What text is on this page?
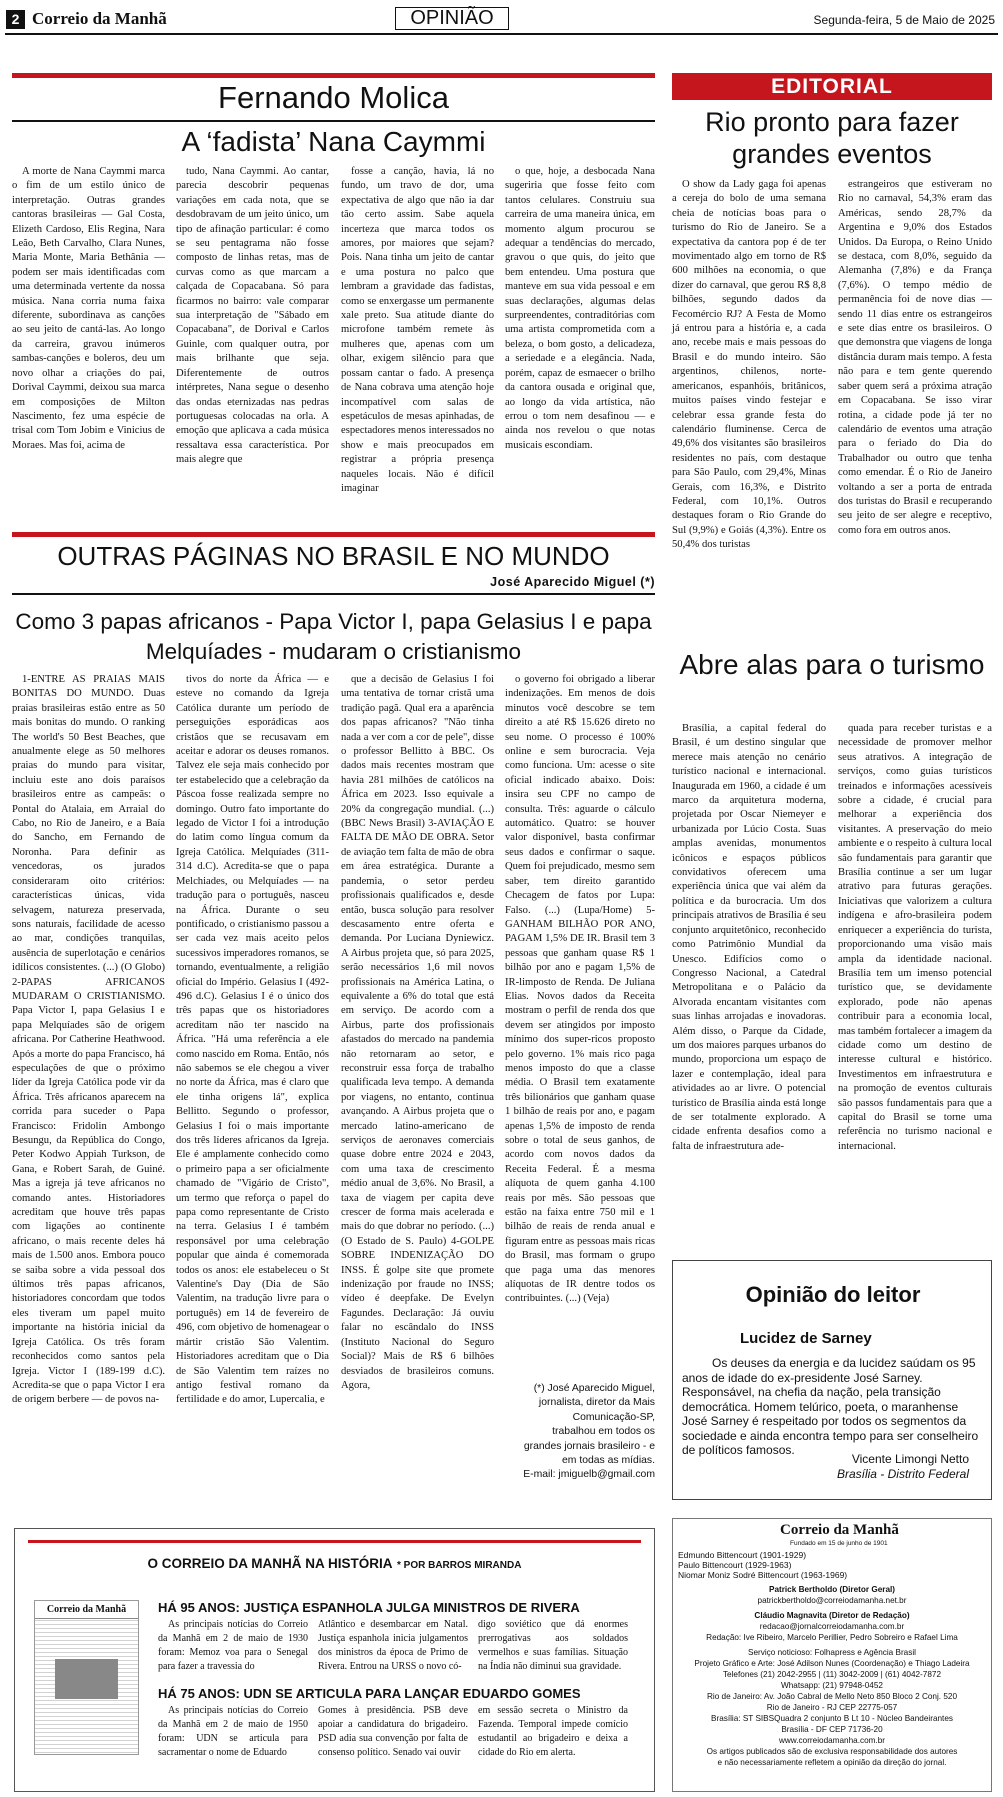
2 Correio da Manhã	OPINIÃO	Segunda-feira, 5 de Maio de 2025
Fernando Molica
A ‘fadista’ Nana Caymmi
A morte de Nana Caymmi marca o fim de um estilo único de interpretação. Outras grandes cantoras brasileiras — Gal Costa, Elizeth Cardoso, Elis Regina, Nara Leão, Beth Carvalho, Clara Nunes, Maria Monte, Maria Bethânia — podem ser mais identificadas com uma determinada vertente da nossa música. Nana corria numa faixa diferente, subordinava as canções ao seu jeito de cantá-las. Ao longo da carreira, gravou inúmeros sambas-canções e boleros, deu um novo olhar a criações do pai, Dorival Caymmi, deixou sua marca em composições de Milton Nascimento, fez uma espécie de trisal com Tom Jobim e Vinicius de Moraes. Mas foi, acima de
tudo, Nana Caymmi. Ao cantar, parecia descobrir pequenas variações em cada nota, que se desdobravam de um jeito único, um tipo de afinação particular: é como se seu pentagrama não fosse composto de linhas retas, mas de curvas como as que marcam a calçada de Copacabana. Só para ficarmos no bairro: vale comparar sua interpretação de "Sábado em Copacabana", de Dorival e Carlos Guinle, com qualquer outra, por mais brilhante que seja. Diferentemente de outros intérpretes, Nana segue o desenho das ondas eternizadas nas pedras portuguesas colocadas na orla. A emoção que aplicava a cada música ressaltava essa característica. Por mais alegre que
fosse a canção, havia, lá no fundo, um travo de dor, uma expectativa de algo que não ia dar tão certo assim. Sabe aquela incerteza que marca todos os amores, por maiores que sejam? Pois. Nana tinha um jeito de cantar e uma postura no palco que lembram a gravidade das fadistas, como se enxergasse um permanente xale preto. Sua atitude diante do microfone também remete às mulheres que, apenas com um olhar, exigem silêncio para que possam cantar o fado. A presença de Nana cobrava uma atenção hoje incompatível com salas de espetáculos de mesas apinhadas, de espectadores menos interessados no show e mais preocupados em registrar a própria presença naqueles locais. Não é difícil imaginar
o que, hoje, a desbocada Nana sugeriria que fosse feito com tantos celulares. Construiu sua carreira de uma maneira única, em momento algum procurou se adequar a tendências do mercado, gravou o que quis, do jeito que bem entendeu. Uma postura que manteve em sua vida pessoal e em suas declarações, algumas delas surpreendentes, contraditórias com uma artista comprometida com a beleza, o bom gosto, a delicadeza, a seriedade e a elegância. Nada, porém, capaz de esmaecer o brilho da cantora ousada e original que, ao longo da vida artística, não errou o tom nem desafinou — e ainda nos revelou o que notas musicais escondiam.
EDITORIAL
Rio pronto para fazer grandes eventos
O show da Lady gaga foi apenas a cereja do bolo de uma semana cheia de notícias boas para o turismo do Rio de Janeiro. Se a expectativa da cantora pop é de ter movimentado algo em torno de R$ 600 milhões na economia, o que dizer do carnaval, que gerou R$ 8,8 bilhões, segundo dados da Fecomércio RJ? A Festa de Momo já entrou para a história e, a cada ano, recebe mais e mais pessoas do Brasil e do mundo inteiro. São argentinos, chilenos, norte-americanos, espanhóis, britânicos, muitos países vindo festejar e celebrar essa grande festa do calendário fluminense. Cerca de 49,6% dos visitantes são brasileiros residentes no país, com destaque para São Paulo, com 29,4%, Minas Gerais, com 16,3%, e Distrito Federal, com 10,1%. Outros destaques foram o Rio Grande do Sul (9,9%) e Goiás (4,3%). Entre os 50,4% dos turistas
estrangeiros que estiveram no Rio no carnaval, 54,3% eram das Américas, sendo 28,7% da Argentina e 9,0% dos Estados Unidos. Da Europa, o Reino Unido se destaca, com 8,0%, seguido da Alemanha (7,8%) e da França (7,6%). O tempo médio de permanência foi de nove dias — sendo 11 dias entre os estrangeiros e sete dias entre os brasileiros. O que demonstra que viagens de longa distância duram mais tempo. A festa não para e tem gente querendo saber quem será a próxima atração em Copacabana. Se isso virar rotina, a cidade pode já ter no calendário de eventos uma atração para o feriado do Dia do Trabalhador ou outro que tenha como emendar. É o Rio de Janeiro voltando a ser a porta de entrada dos turistas do Brasil e recuperando seu jeito de ser alegre e receptivo, como fora em outros anos.
OUTRAS PÁGINAS NO BRASIL E NO MUNDO
José Aparecido Miguel (*)
Como 3 papas africanos - Papa Victor I, papa Gelasius I e papa Melquíades - mudaram o cristianismo
1-ENTRE AS PRAIAS MAIS BONITAS DO MUNDO. Duas praias brasileiras estão entre as 50 mais bonitas do mundo. O ranking The world's 50 Best Beaches, que anualmente elege as 50 melhores praias do mundo para visitar, incluiu este ano dois paraísos brasileiros entre as campeãs: o Pontal do Atalaia, em Arraial do Cabo, no Rio de Janeiro, e a Baía do Sancho, em Fernando de Noronha. Para definir as vencedoras, os jurados consideraram oito critérios: características únicas, vida selvagem, natureza preservada, sons naturais, facilidade de acesso ao mar, condições tranquilas, ausência de superlotação e cenários idílicos consistentes. (...) (O Globo) 2-PAPAS AFRICANOS MUDARAM O CRISTIANISMO. Papa Victor I, papa Gelasius I e papa Melquíades são de origem africana. Por Catherine Heathwood. Após a morte do papa Francisco, há especulações de que o próximo líder da Igreja Católica pode vir da África. Três africanos aparecem na corrida para suceder o Papa Francisco: Fridolin Ambongo Besungu, da República do Congo, Peter Kodwo Appiah Turkson, de Gana, e Robert Sarah, de Guiné. Mas a igreja já teve africanos no comando antes. Historiadores acreditam que houve três papas com ligações ao continente africano, o mais recente deles há mais de 1.500 anos. Embora pouco se saiba sobre a vida pessoal dos últimos três papas africanos, historiadores concordam que todos eles tiveram um papel muito importante na história inicial da Igreja Católica. Os três foram reconhecidos como santos pela Igreja. Victor I (189-199 d.C). Acredita-se que o papa Victor I era de origem berbere — de povos na-
tivos do norte da África — e esteve no comando da Igreja Católica durante um período de perseguições esporádicas aos cristãos que se recusavam em aceitar e adorar os deuses romanos. Talvez ele seja mais conhecido por ter estabelecido que a celebração da Páscoa fosse realizada sempre no domingo. Outro fato importante do legado de Victor I foi a introdução do latim como língua comum da Igreja Católica. Melquíades (311-314 d.C). Acredita-se que o papa Melchiades, ou Melquíades — na tradução para o português, nasceu na África. Durante o seu pontificado, o cristianismo passou a ser cada vez mais aceito pelos sucessivos imperadores romanos, se tornando, eventualmente, a religião oficial do Império. Gelasius I (492-496 d.C). Gelasius I é o único dos três papas que os historiadores acreditam não ter nascido na África. "Há uma referência a ele como nascido em Roma. Então, nós não sabemos se ele chegou a viver no norte da África, mas é claro que ele tinha origens lá", explica Bellitto. Segundo o professor, Gelasius I foi o mais importante dos três líderes africanos da Igreja. Ele é amplamente conhecido como o primeiro papa a ser oficialmente chamado de "Vigário de Cristo", um termo que reforça o papel do papa como representante de Cristo na terra. Gelasius I é também responsável por uma celebração popular que ainda é comemorada todos os anos: ele estabeleceu o St Valentine's Day (Dia de São Valentim, na tradução livre para o português) em 14 de fevereiro de 496, com objetivo de homenagear o mártir cristão São Valentim. Historiadores acreditam que o Dia de São Valentim tem raízes no antigo festival romano da fertilidade e do amor, Lupercalia, e
que a decisão de Gelasius I foi uma tentativa de tornar cristã uma tradição pagã. Qual era a aparência dos papas africanos? "Não tinha nada a ver com a cor de pele", disse o professor Bellitto à BBC. Os dados mais recentes mostram que havia 281 milhões de católicos na África em 2023. Isso equivale a 20% da congregação mundial. (...) (BBC News Brasil) 3-AVIAÇÃO E FALTA DE MÃO DE OBRA. Setor de aviação tem falta de mão de obra em área estratégica. Durante a pandemia, o setor perdeu profissionais qualificados e, desde então, busca solução para resolver descasamento entre oferta e demanda. Por Luciana Dyniewicz. A Airbus projeta que, só para 2025, serão necessários 1,6 mil novos profissionais na América Latina, o equivalente a 6% do total que está em serviço. De acordo com a Airbus, parte dos profissionais afastados do mercado na pandemia não retornaram ao setor, e reconstruir essa força de trabalho qualificada leva tempo. A demanda por viagens, no entanto, continua avançando. A Airbus projeta que o mercado latino-americano de serviços de aeronaves comerciais quase dobre entre 2024 e 2043, com uma taxa de crescimento médio anual de 3,6%. No Brasil, a taxa de viagem per capita deve crescer de forma mais acelerada e mais do que dobrar no período. (...) (O Estado de S. Paulo) 4-GOLPE SOBRE INDENIZAÇÃO DO INSS. É golpe site que promete indenização por fraude no INSS; vídeo é deepfake. De Evelyn Fagundes. Declaração: Já ouviu falar no escândalo do INSS (Instituto Nacional do Seguro Social)? Mais de R$ 6 bilhões desviados de brasileiros comuns. Agora,
o governo foi obrigado a liberar indenizações. Em menos de dois minutos você descobre se tem direito a até R$ 15.626 direto no seu nome. O processo é 100% online e sem burocracia. Veja como funciona. Um: acesse o site oficial indicado abaixo. Dois: insira seu CPF no campo de consulta. Três: aguarde o cálculo automático. Quatro: se houver valor disponível, basta confirmar seus dados e confirmar o saque. Quem foi prejudicado, mesmo sem saber, tem direito garantido Checagem de fatos por Lupa: Falso. (...) (Lupa/Home) 5-GANHAM BILHÃO POR ANO, PAGAM 1,5% DE IR. Brasil tem 3 pessoas que ganham quase R$ 1 bilhão por ano e pagam 1,5% de IR-limposto de Renda. De Juliana Elias. Novos dados da Receita mostram o perfil de renda dos que devem ser atingidos por imposto mínimo dos super-ricos proposto pelo governo. 1% mais rico paga menos imposto do que a classe média. O Brasil tem exatamente três bilionários que ganham quase 1 bilhão de reais por ano, e pagam apenas 1,5% de imposto de renda sobre o total de seus ganhos, de acordo com novos dados da Receita Federal. É a mesma alíquota de quem ganha 4.100 reais por mês. São pessoas que estão na faixa entre 750 mil e 1 bilhão de reais de renda anual e figuram entre as pessoas mais ricas do Brasil, mas formam o grupo que paga uma das menores alíquotas de IR dentre todos os contribuintes. (...) (Veja)
(*) José Aparecido Miguel,
jornalista, diretor da Mais
Comunicação-SP,
trabalhou em todos os
grandes jornais brasileiro - e
em todas as mídias.
E-mail: jmiguelb@gmail.com
Abre alas para o turismo
Brasília, a capital federal do Brasil, é um destino singular que merece mais atenção no cenário turístico nacional e internacional. Inaugurada em 1960, a cidade é um marco da arquitetura moderna, projetada por Oscar Niemeyer e urbanizada por Lúcio Costa. Suas amplas avenidas, monumentos icônicos e espaços públicos convidativos oferecem uma experiência única que vai além da política e da burocracia. Um dos principais atrativos de Brasília é seu conjunto arquitetônico, reconhecido como Patrimônio Mundial da Unesco. Edifícios como o Congresso Nacional, a Catedral Metropolitana e o Palácio da Alvorada encantam visitantes com suas linhas arrojadas e inovadoras. Além disso, o Parque da Cidade, um dos maiores parques urbanos do mundo, proporciona um espaço de lazer e contemplação, ideal para atividades ao ar livre. O potencial turístico de Brasília ainda está longe de ser totalmente explorado. A cidade enfrenta desafios como a falta de infraestrutura ade-
quada para receber turistas e a necessidade de promover melhor seus atrativos. A integração de serviços, como guias turísticos treinados e informações acessíveis sobre a cidade, é crucial para melhorar a experiência dos visitantes. A preservação do meio ambiente e o respeito à cultura local são fundamentais para garantir que Brasília continue a ser um lugar atrativo para futuras gerações. Iniciativas que valorizem a cultura indígena e afro-brasileira podem enriquecer a experiência do turista, proporcionando uma visão mais ampla da identidade nacional. Brasília tem um imenso potencial turístico que, se devidamente explorado, pode não apenas contribuir para a economia local, mas também fortalecer a imagem da cidade como um destino de interesse cultural e histórico. Investimentos em infraestrutura e na promoção de eventos culturais são passos fundamentais para que a capital do Brasil se torne uma referência no turismo nacional e internacional.
Opinião do leitor
Lucidez de Sarney
Os deuses da energia e da lucidez saúdam os 95 anos de idade do ex-presidente José Sarney. Responsável, na chefia da nação, pela transição democrática. Homem telúrico, poeta, o maranhense José Sarney é respeitado por todos os segmentos da sociedade e ainda encontra tempo para ser conselheiro de políticos famosos.
Vicente Limongi Netto
Brasília - Distrito Federal
O CORREIO DA MANHÃ NA HISTÓRIA * POR BARROS MIRANDA
Correio da Manhã	HÁ 95 ANOS: JUSTIÇA ESPANHOLA JULGA MINISTROS DE RIVERA
As principais notícias do Correio da Manhã em 2 de maio de 1930 foram: Memoz voa para o Senegal para fazer a travessia do
Atlântico e desembarcar em Natal. Justiça espanhola inicia julgamentos dos ministros da época de Primo de Rivera. Entrou na URSS o novo có-
digo soviético que dá enormes prerrogativas aos soldados vermelhos e suas famílias. Situação na Índia não diminui sua gravidade.
HÁ 75 ANOS: UDN SE ARTICULA PARA LANÇAR EDUARDO GOMES
As principais notícias do Correio da Manhã em 2 de maio de 1950 foram: UDN se articula para sacramentar o nome de Eduardo
Gomes à presidência. PSB deve apoiar a candidatura do brigadeiro. PSD adia sua convenção por falta de consenso político. Senado vai ouvir
em sessão secreta o Ministro da Fazenda. Temporal impede comício estudantil ao brigadeiro e deixa a cidade do Rio em alerta.
Correio da Manhã
Fundado em 15 de junho de 1901
Edmundo Bittencourt (1901-1929)
Paulo Bittencourt (1929-1963)
Niomar Moniz Sodré Bittencourt (1963-1969)
Patrick Bertholdo (Diretor Geral)
patrickbertholdo@correiodamanha.net.br

Cláudio Magnavita (Diretor de Redação)
redacao@jornalcorreiodamanha.com.br
Redação: Ive Ribeiro, Marcelo Perillier, Pedro Sobreiro e Rafael Lima

Serviço noticioso: Folhapress e Agência Brasil
Projeto Gráfico e Arte: José Adilson Nunes (Coordenação) e Thiago Ladeira
Telefones (21) 2042-2955 | (11) 3042-2009 | (61) 4042-7872
Whatsapp: (21) 97948-0452
Rio de Janeiro: Av. João Cabral de Mello Neto 850 Bloco 2 Conj. 520
Rio de Janeiro - RJ CEP 22775-057
Brasília: ST SIBSQuadra 2 conjunto B Lt 10 - Núcleo Bandeirantes
Brasília - DF CEP 71736-20
www.correiodamanha.com.br
Os artigos publicados são de exclusiva responsabilidade dos autores
e não necessariamente refletem a opinião da direção do jornal.
